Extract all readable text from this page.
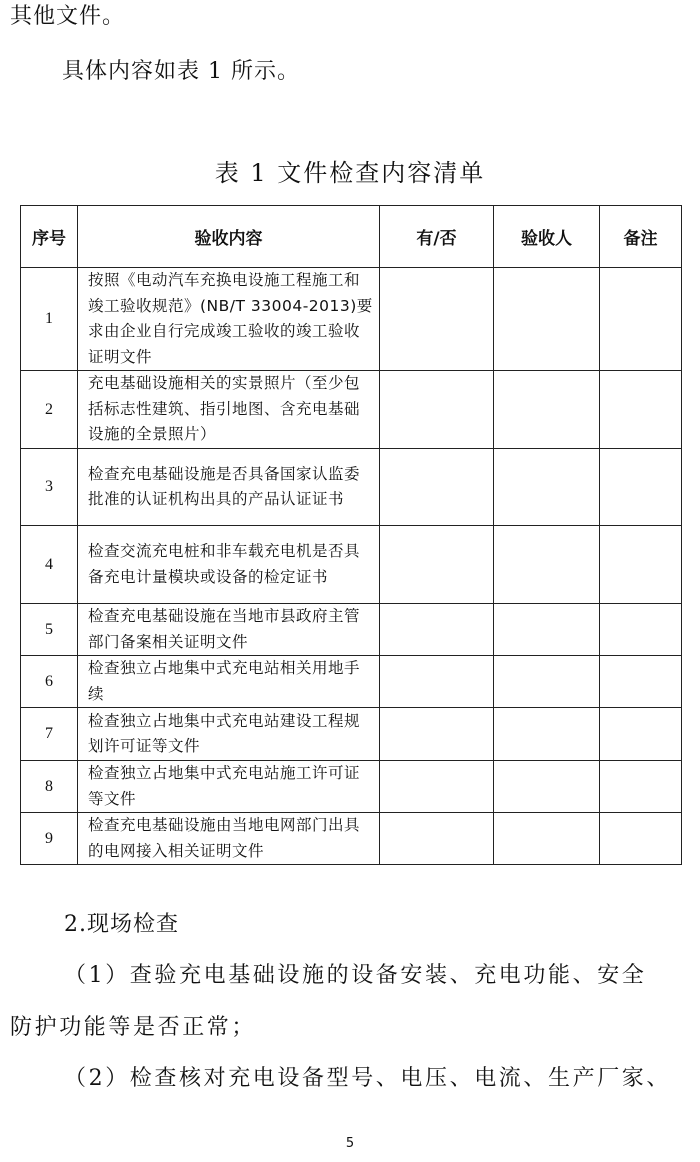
其他文件。
具体内容如表 1 所示。
表 1 文件检查内容清单
序号	验收内容	有/否	验收人	备注
1	按照《电动汽车充换电设施工程施工和竣工验收规范》(NB/T 33004-2013)要求由企业自行完成竣工验收的竣工验收证明文件			
2	充电基础设施相关的实景照片（至少包括标志性建筑、指引地图、含充电基础设施的全景照片）			
3	检查充电基础设施是否具备国家认监委批准的认证机构出具的产品认证证书			
4	检查交流充电桩和非车载充电机是否具备充电计量模块或设备的检定证书			
5	检查充电基础设施在当地市县政府主管部门备案相关证明文件			
6	检查独立占地集中式充电站相关用地手续			
7	检查独立占地集中式充电站建设工程规划许可证等文件			
8	检查独立占地集中式充电站施工许可证等文件			
9	检查充电基础设施由当地电网部门出具的电网接入相关证明文件			
2.现场检查
（1）查验充电基础设施的设备安装、充电功能、安全
防护功能等是否正常；
（2）检查核对充电设备型号、电压、电流、生产厂家、
5
